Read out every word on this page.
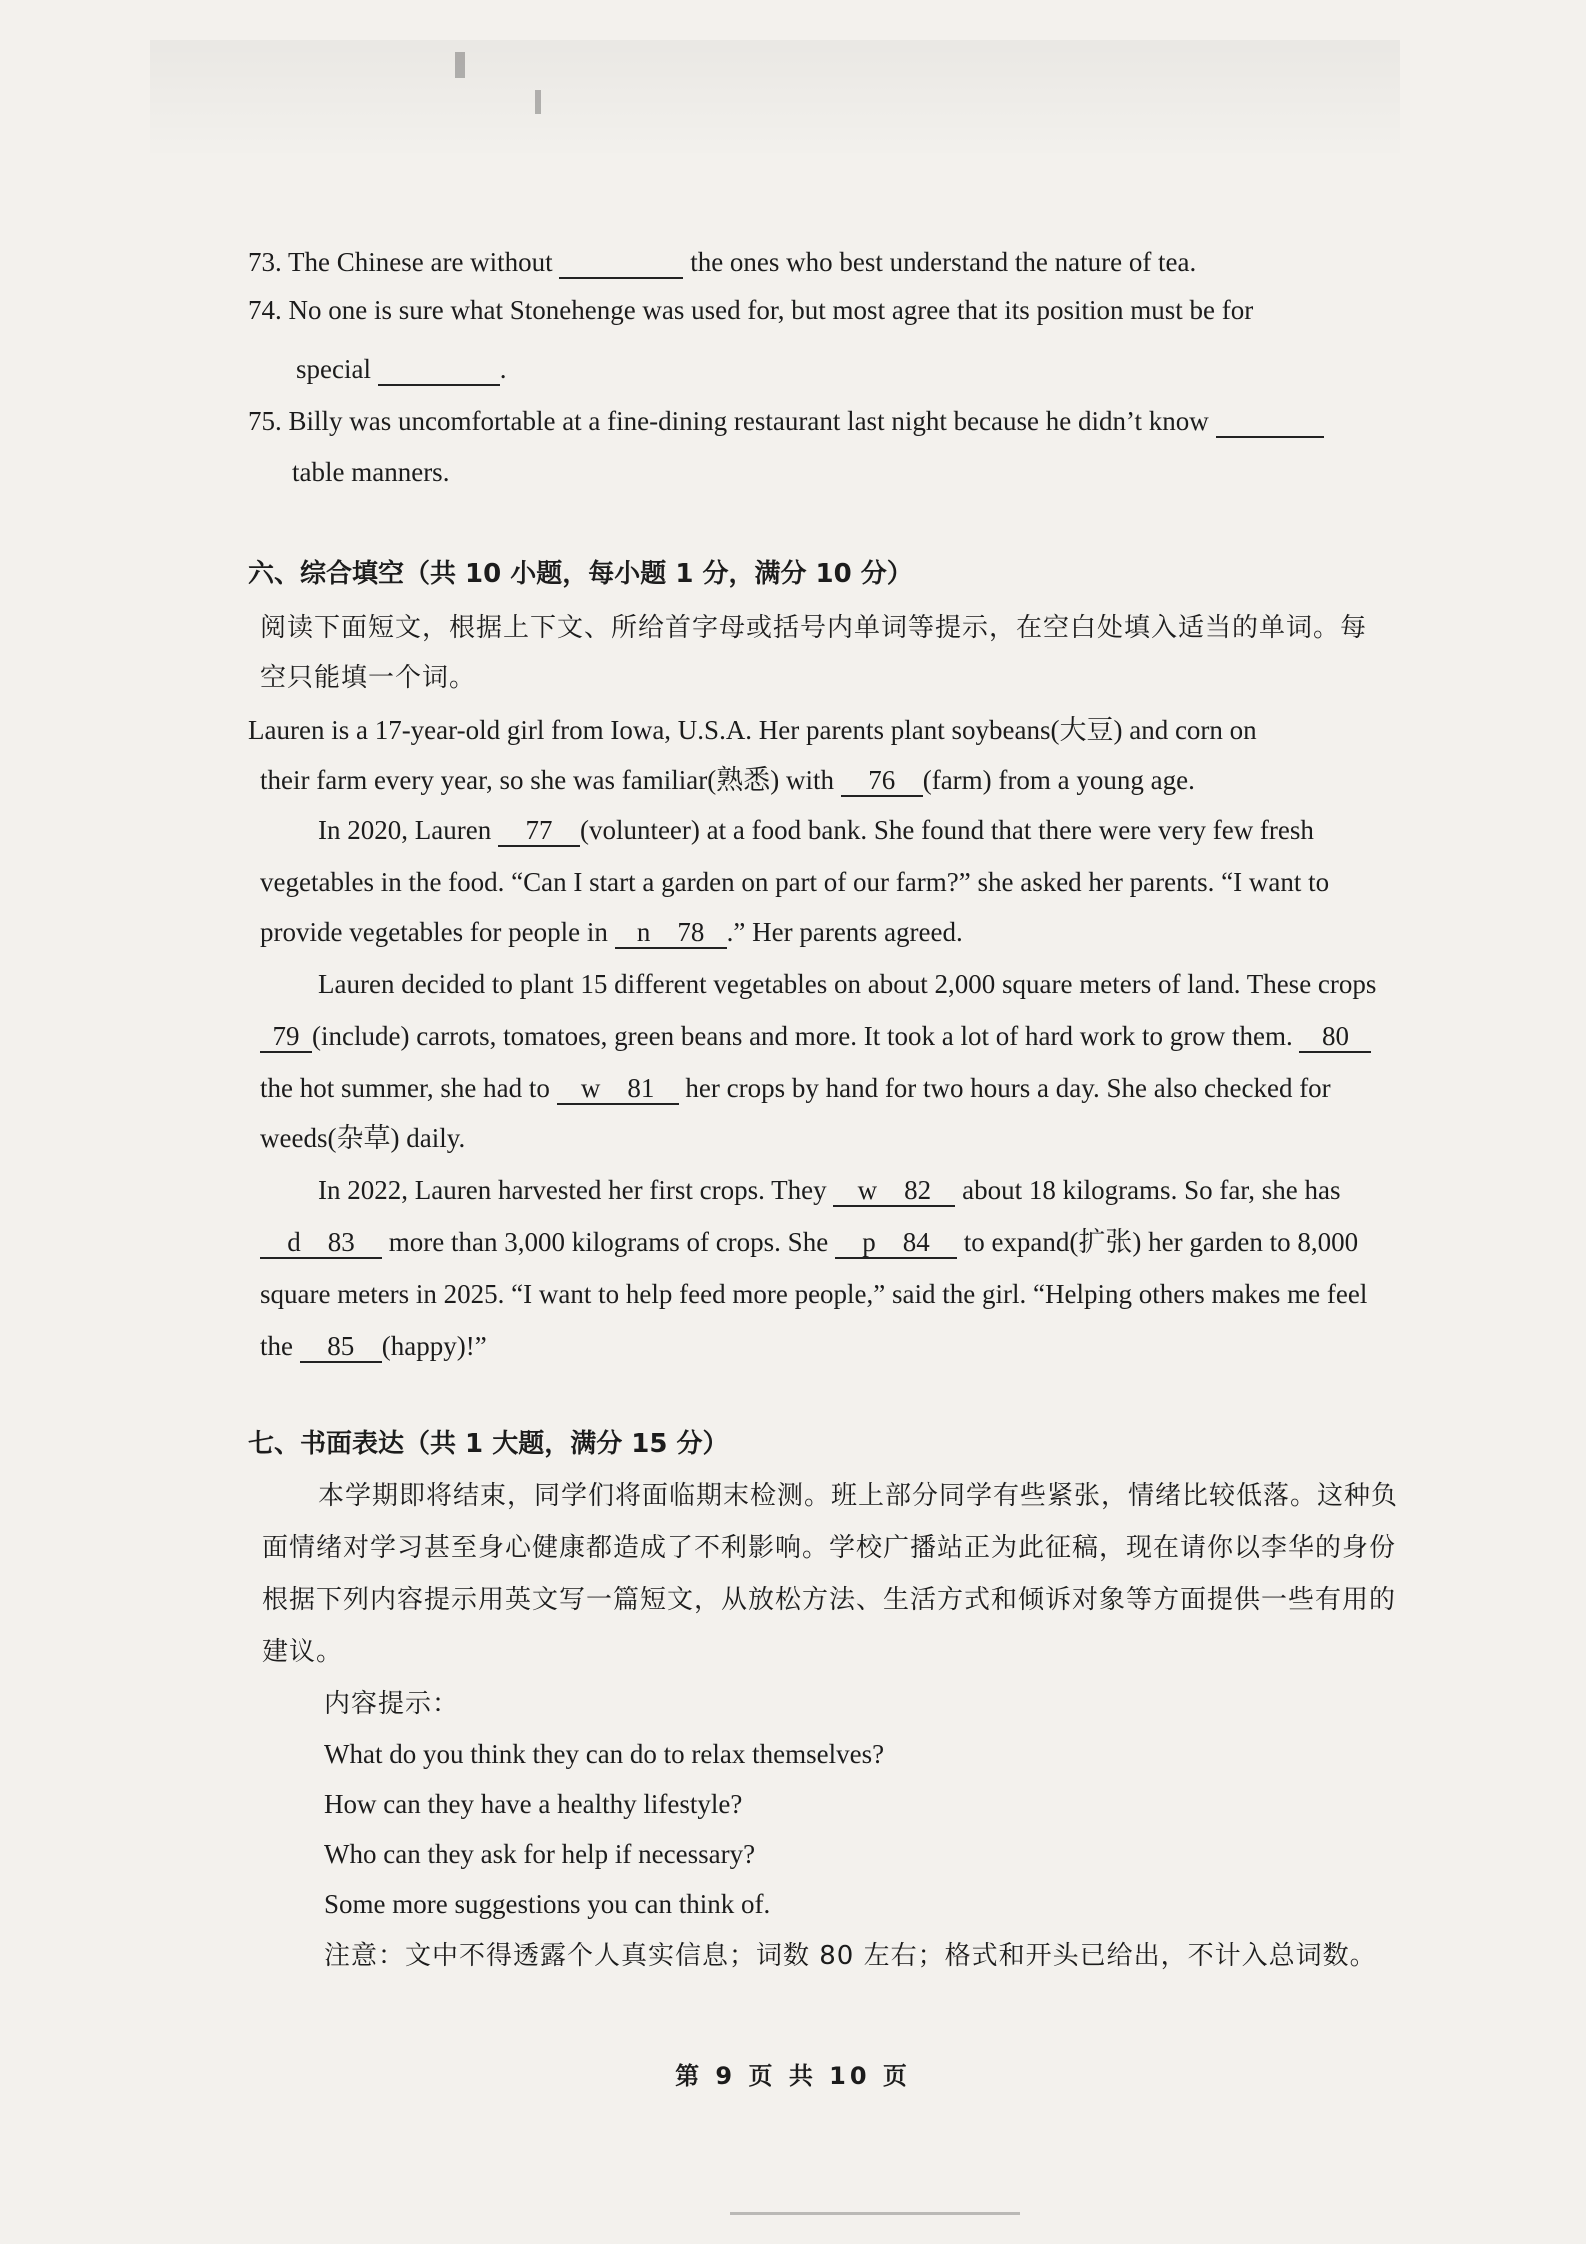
73. The Chinese are without	the ones who best understand the nature of tea.
74. No one is sure what Stonehenge was used for, but most agree that its position must be for
special	.
75. Billy was uncomfortable at a fine-dining restaurant last night because he didn’t know
table manners.
六、综合填空（共 10 小题，每小题 1 分，满分 10 分）
阅读下面短文，根据上下文、所给首字母或括号内单词等提示，在空白处填入适当的单词。每
空只能填一个词。
Lauren is a 17-year-old girl from Iowa, U.S.A. Her parents plant soybeans(大豆) and corn on
their farm every year, so she was familiar(熟悉) with 76 (farm) from a young age.
In 2020, Lauren 77 (volunteer) at a food bank. She found that there were very few fresh
vegetables in the food. “Can I start a garden on part of our farm?” she asked her parents. “I want to
provide vegetables for people in n    78 .” Her parents agreed.
Lauren decided to plant 15 different vegetables on about 2,000 square meters of land. These crops
79 (include) carrots, tomatoes, green beans and more. It took a lot of hard work to grow them. 80
the hot summer, she had to w    81 her crops by hand for two hours a day. She also checked for
weeds(杂草) daily.
In 2022, Lauren harvested her first crops. They w    82 about 18 kilograms. So far, she has
d    83 more than 3,000 kilograms of crops. She p    84 to expand(扩张) her garden to 8,000
square meters in 2025. “I want to help feed more people,” said the girl. “Helping others makes me feel
the 85 (happy)!”
七、书面表达（共 1 大题，满分 15 分）
本学期即将结束，同学们将面临期末检测。班上部分同学有些紧张，情绪比较低落。这种负
面情绪对学习甚至身心健康都造成了不利影响。学校广播站正为此征稿，现在请你以李华的身份
根据下列内容提示用英文写一篇短文，从放松方法、生活方式和倾诉对象等方面提供一些有用的
建议。
内容提示：
What do you think they can do to relax themselves?
How can they have a healthy lifestyle?
Who can they ask for help if necessary?
Some more suggestions you can think of.
注意：文中不得透露个人真实信息；词数 80 左右；格式和开头已给出，不计入总词数。
第 9 页 共 10 页
